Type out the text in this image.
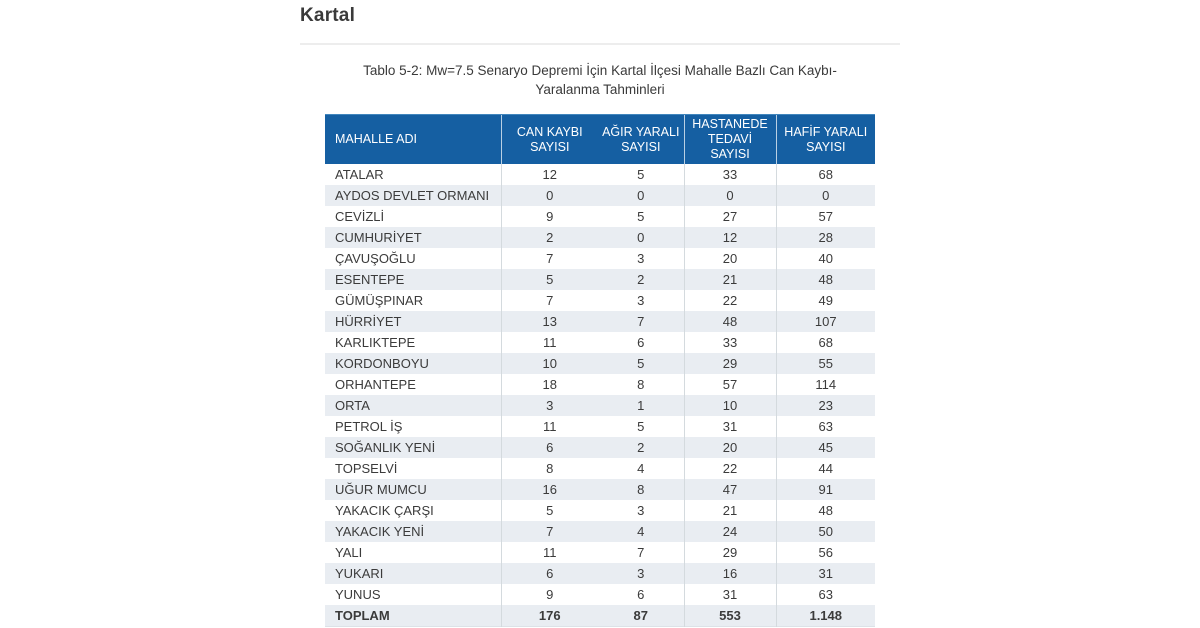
Kartal
Tablo 5-2: Mw=7.5 Senaryo Depremi İçin Kartal İlçesi Mahalle Bazlı Can Kaybı-
Yaralanma Tahminleri
MAHALLE ADI	CAN KAYBI SAYISI	AĞIR YARALI SAYISI	HASTANEDE TEDAVİ SAYISI	HAFİF YARALI SAYISI
ATALAR	12	5	33	68
AYDOS DEVLET ORMANI	0	0	0	0
CEVİZLİ	9	5	27	57
CUMHURİYET	2	0	12	28
ÇAVUŞOĞLU	7	3	20	40
ESENTEPE	5	2	21	48
GÜMÜŞPINAR	7	3	22	49
HÜRRİYET	13	7	48	107
KARLIKTEPE	11	6	33	68
KORDONBOYU	10	5	29	55
ORHANTEPE	18	8	57	114
ORTA	3	1	10	23
PETROL İŞ	11	5	31	63
SOĞANLIK YENİ	6	2	20	45
TOPSELVİ	8	4	22	44
UĞUR MUMCU	16	8	47	91
YAKACIK ÇARŞI	5	3	21	48
YAKACIK YENİ	7	4	24	50
YALI	11	7	29	56
YUKARI	6	3	16	31
YUNUS	9	6	31	63
TOPLAM	176	87	553	1.148
